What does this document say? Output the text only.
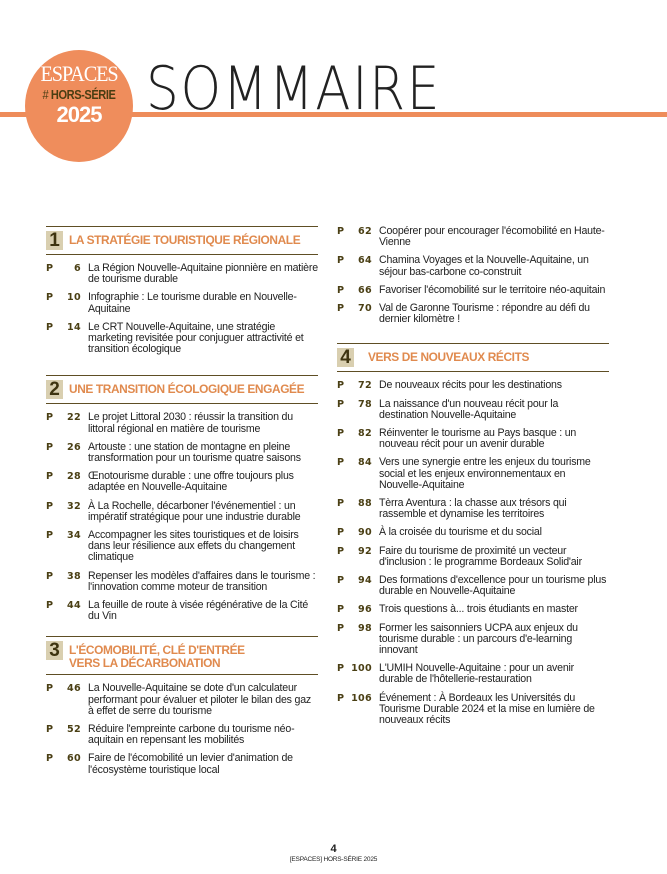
ESPACES
# HORS-SÉRIE
2025 SOMMAIRE
1 LA STRATÉGIE TOURISTIQUE RÉGIONALE
P 6 La Région Nouvelle-Aquitaine pionnière en matière de tourisme durable
P 10 Infographie : Le tourisme durable en Nouvelle-Aquitaine
P 14 Le CRT Nouvelle-Aquitaine, une stratégie marketing revisitée pour conjuguer attractivité et transition écologique
2 UNE TRANSITION ÉCOLOGIQUE ENGAGÉE
P 22 Le projet Littoral 2030 : réussir la transition du littoral régional en matière de tourisme
P 26 Artouste : une station de montagne en pleine transformation pour un tourisme quatre saisons
P 28 Œnotourisme durable : une offre toujours plus adaptée en Nouvelle-Aquitaine
P 32 À La Rochelle, décarboner l'événementiel : un impératif stratégique pour une industrie durable
P 34 Accompagner les sites touristiques et de loisirs dans leur résilience aux effets du changement climatique
P 38 Repenser les modèles d'affaires dans le tourisme : l'innovation comme moteur de transition
P 44 La feuille de route à visée régénérative de la Cité du Vin
3 L'ÉCOMOBILITÉ, CLÉ D'ENTRÉE VERS LA DÉCARBONATION
P 46 La Nouvelle-Aquitaine se dote d'un calculateur performant pour évaluer et piloter le bilan des gaz à effet de serre du tourisme
P 52 Réduire l'empreinte carbone du tourisme néo-aquitain en repensant les mobilités
P 60 Faire de l'écomobilité un levier d'animation de l'écosystème touristique local
P 62 Coopérer pour encourager l'écomobilité en Haute-Vienne
P 64 Chamina Voyages et la Nouvelle-Aquitaine, un séjour bas-carbone co-construit
P 66 Favoriser l'écomobilité sur le territoire néo-aquitain
P 70 Val de Garonne Tourisme : répondre au défi du dernier kilomètre !
4 VERS DE NOUVEAUX RÉCITS
P 72 De nouveaux récits pour les destinations
P 78 La naissance d'un nouveau récit pour la destination Nouvelle-Aquitaine
P 82 Réinventer le tourisme au Pays basque : un nouveau récit pour un avenir durable
P 84 Vers une synergie entre les enjeux du tourisme social et les enjeux environnementaux en Nouvelle-Aquitaine
P 88 Tèrra Aventura : la chasse aux trésors qui rassemble et dynamise les territoires
P 90 À la croisée du tourisme et du social
P 92 Faire du tourisme de proximité un vecteur d'inclusion : le programme Bordeaux Solid'air
P 94 Des formations d'excellence pour un tourisme plus durable en Nouvelle-Aquitaine
P 96 Trois questions à... trois étudiants en master
P 98 Former les saisonniers UCPA aux enjeux du tourisme durable : un parcours d'e-learning innovant
P 100 L'UMIH Nouvelle-Aquitaine : pour un avenir durable de l'hôtellerie-restauration
P 106 Événement : À Bordeaux les Universités du Tourisme Durable 2024 et la mise en lumière de nouveaux récits
4
[ESPACES] HORS-SÉRIE 2025
